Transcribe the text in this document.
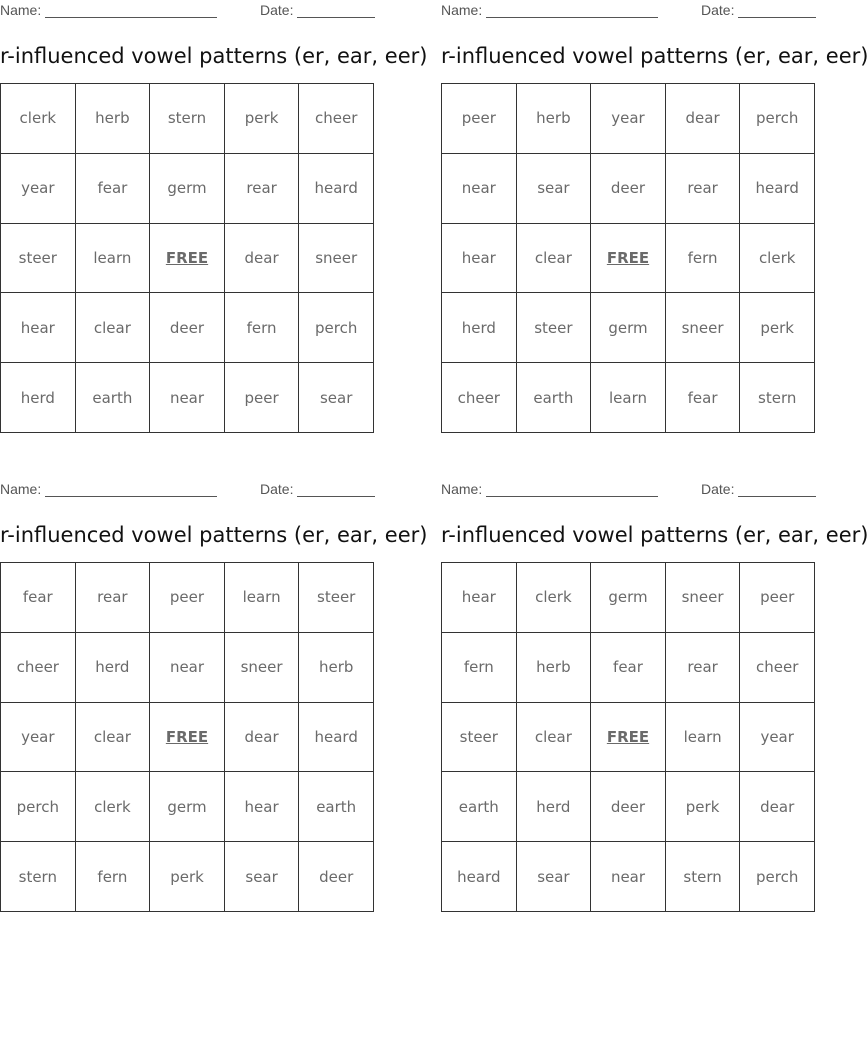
Name:	Date:
r-influenced vowel patterns (er, ear, eer)
clerk	herb	stern	perk	cheer
year	fear	germ	rear	heard
steer	learn	FREE	dear	sneer
hear	clear	deer	fern	perch
herd	earth	near	peer	sear
Name:	Date:
r-influenced vowel patterns (er, ear, eer)
peer	herb	year	dear	perch
near	sear	deer	rear	heard
hear	clear	FREE	fern	clerk
herd	steer	germ	sneer	perk
cheer	earth	learn	fear	stern
Name:	Date:
r-influenced vowel patterns (er, ear, eer)
fear	rear	peer	learn	steer
cheer	herd	near	sneer	herb
year	clear	FREE	dear	heard
perch	clerk	germ	hear	earth
stern	fern	perk	sear	deer
Name:	Date:
r-influenced vowel patterns (er, ear, eer)
hear	clerk	germ	sneer	peer
fern	herb	fear	rear	cheer
steer	clear	FREE	learn	year
earth	herd	deer	perk	dear
heard	sear	near	stern	perch
